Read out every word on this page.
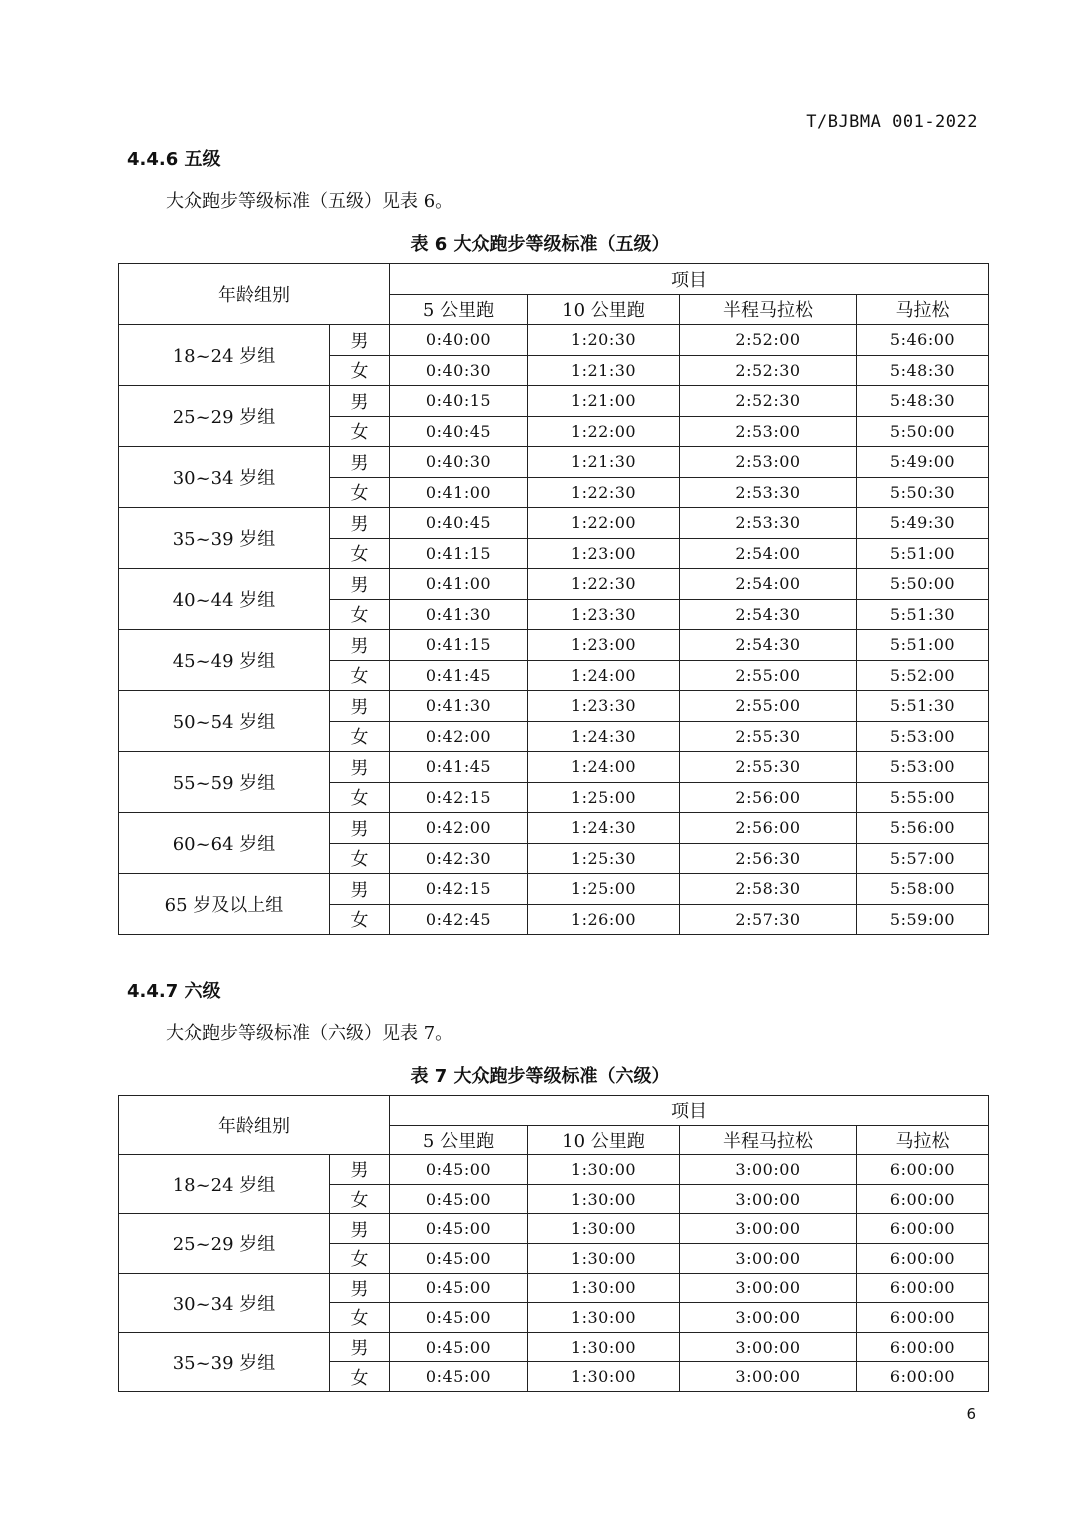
T/BJBMA 001-2022
4.4.6 五级
大众跑步等级标准（五级）见表 6。
表 6 大众跑步等级标准（五级）
年龄组别		项目			
		5 公里跑	10 公里跑	半程马拉松	马拉松
18~24 岁组	男	0:40:00	1:20:30	2:52:00	5:46:00
	女	0:40:30	1:21:30	2:52:30	5:48:30
25~29 岁组	男	0:40:15	1:21:00	2:52:30	5:48:30
	女	0:40:45	1:22:00	2:53:00	5:50:00
30~34 岁组	男	0:40:30	1:21:30	2:53:00	5:49:00
	女	0:41:00	1:22:30	2:53:30	5:50:30
35~39 岁组	男	0:40:45	1:22:00	2:53:30	5:49:30
	女	0:41:15	1:23:00	2:54:00	5:51:00
40~44 岁组	男	0:41:00	1:22:30	2:54:00	5:50:00
	女	0:41:30	1:23:30	2:54:30	5:51:30
45~49 岁组	男	0:41:15	1:23:00	2:54:30	5:51:00
	女	0:41:45	1:24:00	2:55:00	5:52:00
50~54 岁组	男	0:41:30	1:23:30	2:55:00	5:51:30
	女	0:42:00	1:24:30	2:55:30	5:53:00
55~59 岁组	男	0:41:45	1:24:00	2:55:30	5:53:00
	女	0:42:15	1:25:00	2:56:00	5:55:00
60~64 岁组	男	0:42:00	1:24:30	2:56:00	5:56:00
	女	0:42:30	1:25:30	2:56:30	5:57:00
65 岁及以上组	男	0:42:15	1:25:00	2:58:30	5:58:00
	女	0:42:45	1:26:00	2:57:30	5:59:00
4.4.7 六级
大众跑步等级标准（六级）见表 7。
表 7 大众跑步等级标准（六级）
年龄组别		项目			
		5 公里跑	10 公里跑	半程马拉松	马拉松
18~24 岁组	男	0:45:00	1:30:00	3:00:00	6:00:00
	女	0:45:00	1:30:00	3:00:00	6:00:00
25~29 岁组	男	0:45:00	1:30:00	3:00:00	6:00:00
	女	0:45:00	1:30:00	3:00:00	6:00:00
30~34 岁组	男	0:45:00	1:30:00	3:00:00	6:00:00
	女	0:45:00	1:30:00	3:00:00	6:00:00
35~39 岁组	男	0:45:00	1:30:00	3:00:00	6:00:00
	女	0:45:00	1:30:00	3:00:00	6:00:00
6
